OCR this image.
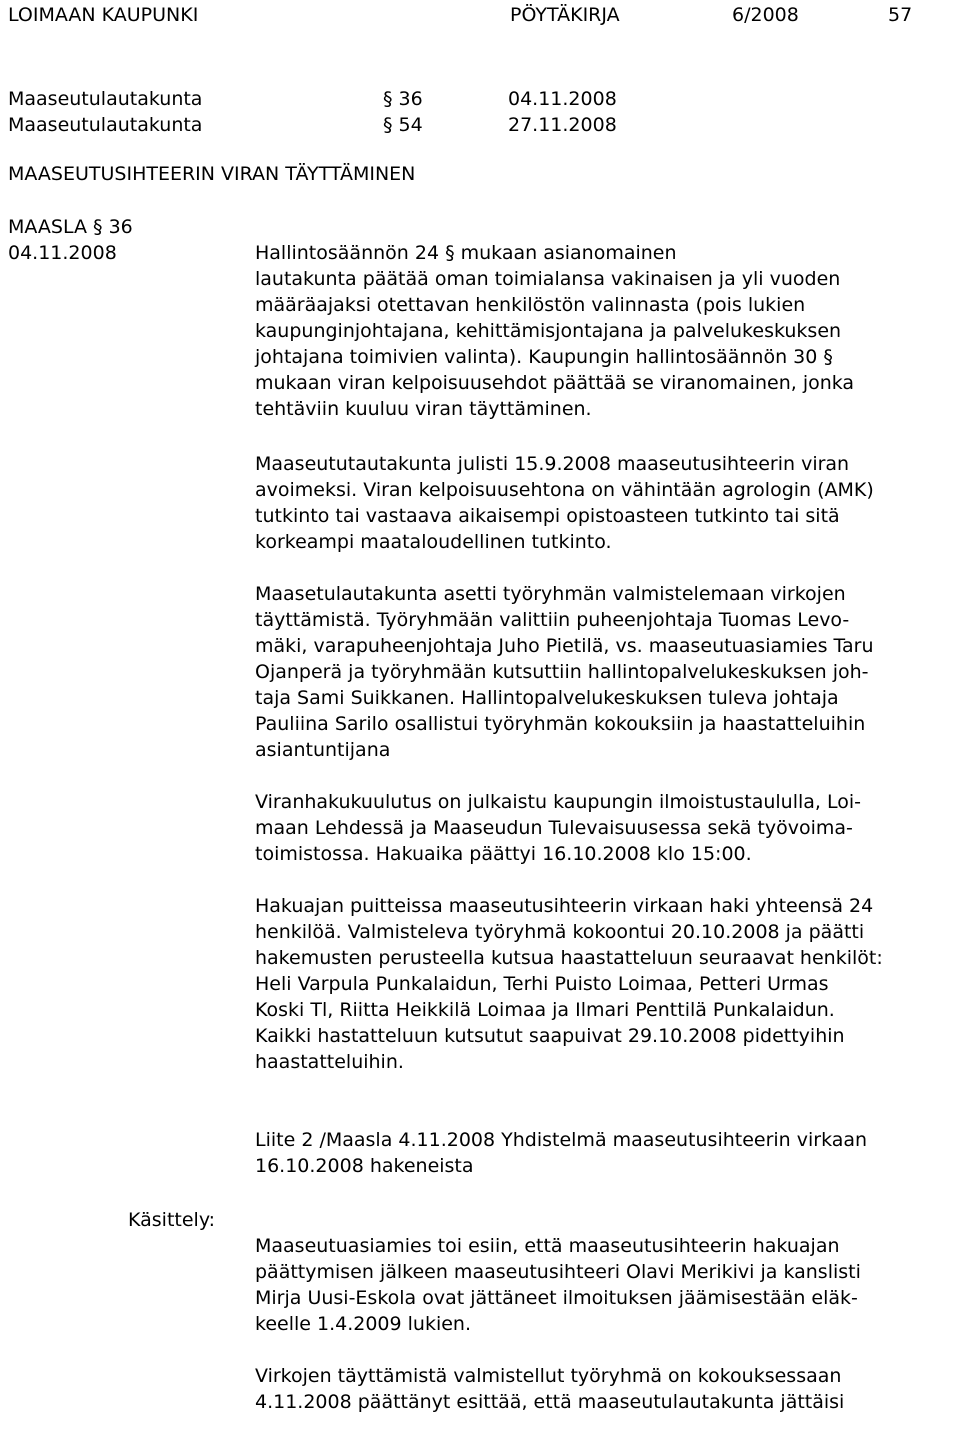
LOIMAAN KAUPUNKI	PÖYTÄKIRJA	6/2008	57
Maaseutulautakunta	§ 36	04.11.2008
Maaseutulautakunta	§ 54	27.11.2008
MAASEUTUSIHTEERIN VIRAN TÄYTTÄMINEN
MAASLA § 36
04.11.2008	Hallintosäännön 24 § mukaan asianomainen
lautakunta päätää oman toimialansa vakinaisen ja yli vuoden
määräajaksi otettavan henkilöstön valinnasta (pois lukien
kaupunginjohtajana, kehittämisjontajana ja palvelukeskuksen
johtajana toimivien valinta). Kaupungin hallintosäännön 30 §
mukaan viran kelpoisuusehdot päättää se viranomainen, jonka
tehtäviin kuuluu viran täyttäminen.

Maaseututautakunta julisti 15.9.2008 maaseutusihteerin viran
avoimeksi. Viran kelpoisuusehtona on vähintään agrologin (AMK)
tutkinto tai vastaava aikaisempi opistoasteen tutkinto tai sitä
korkeampi maataloudellinen tutkinto.

Maasetulautakunta asetti työryhmän valmistelemaan virkojen
täyttämistä. Työryhmään valittiin puheenjohtaja Tuomas Levo-
mäki, varapuheenjohtaja Juho Pietilä, vs. maaseutuasiamies Taru
Ojanperä ja työryhmään kutsuttiin hallintopalvelukeskuksen joh-
taja Sami Suikkanen. Hallintopalvelukeskuksen tuleva johtaja
Pauliina Sarilo osallistui työryhmän kokouksiin ja haastatteluihin
asiantuntijana

Viranhakukuulutus on julkaistu kaupungin ilmoistustaululla, Loi-
maan Lehdessä ja Maaseudun Tulevaisuusessa sekä työvoima-
toimistossa. Hakuaika päättyi 16.10.2008 klo 15:00.

Hakuajan puitteissa maaseutusihteerin virkaan haki yhteensä 24
henkilöä. Valmisteleva työryhmä kokoontui 20.10.2008 ja päätti
hakemusten perusteella kutsua haastatteluun seuraavat henkilöt:
Heli Varpula Punkalaidun, Terhi Puisto Loimaa, Petteri Urmas
Koski Tl, Riitta Heikkilä Loimaa ja Ilmari Penttilä Punkalaidun.
Kaikki hastatteluun kutsutut saapuivat 29.10.2008 pidettyihin
haastatteluihin.

Liite 2 /Maasla 4.11.2008 Yhdistelmä maaseutusihteerin virkaan
16.10.2008 hakeneista

Käsittely:

Maaseutuasiamies toi esiin, että maaseutusihteerin hakuajan
päättymisen jälkeen maaseutusihteeri Olavi Merikivi ja kanslisti
Mirja Uusi-Eskola ovat jättäneet ilmoituksen jäämisestään eläk-
keelle 1.4.2009 lukien.

Virkojen täyttämistä valmistellut työryhmä on kokouksessaan
4.11.2008 päättänyt esittää, että maaseutulautakunta jättäisi
